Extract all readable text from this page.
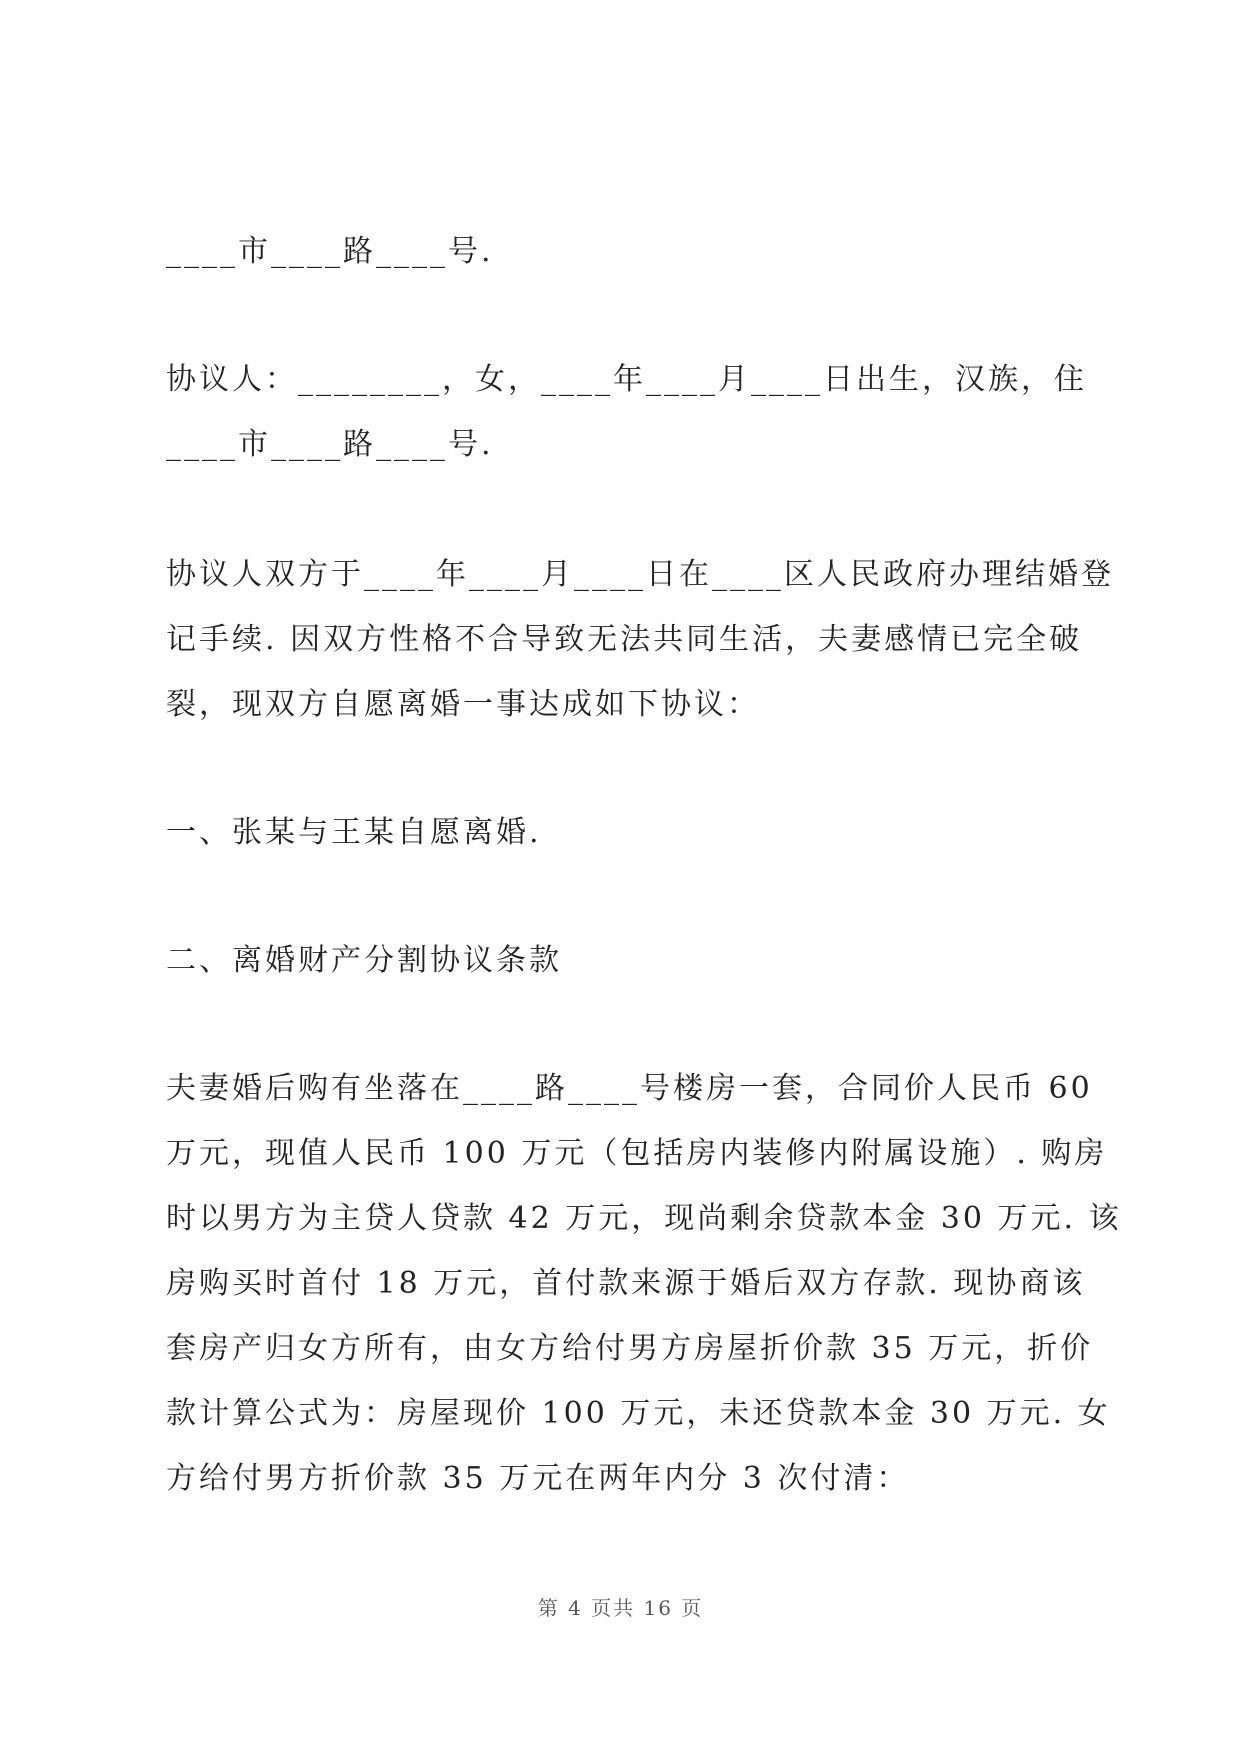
____市____路____号.
协议人：________，女，____年____月____日出生，汉族，住
____市____路____号.
协议人双方于____年____月____日在____区人民政府办理结婚登
记手续. 因双方性格不合导致无法共同生活，夫妻感情已完全破
裂，现双方自愿离婚一事达成如下协议：
一、张某与王某自愿离婚.
二、离婚财产分割协议条款
夫妻婚后购有坐落在____路____号楼房一套，合同价人民币 60
万元，现值人民币 100 万元（包括房内装修内附属设施）. 购房
时以男方为主贷人贷款 42 万元，现尚剩余贷款本金 30 万元. 该
房购买时首付 18 万元，首付款来源于婚后双方存款. 现协商该
套房产归女方所有，由女方给付男方房屋折价款 35 万元，折价
款计算公式为：房屋现价 100 万元，未还贷款本金 30 万元. 女
方给付男方折价款 35 万元在两年内分 3 次付清：
第 4 页共 16 页
